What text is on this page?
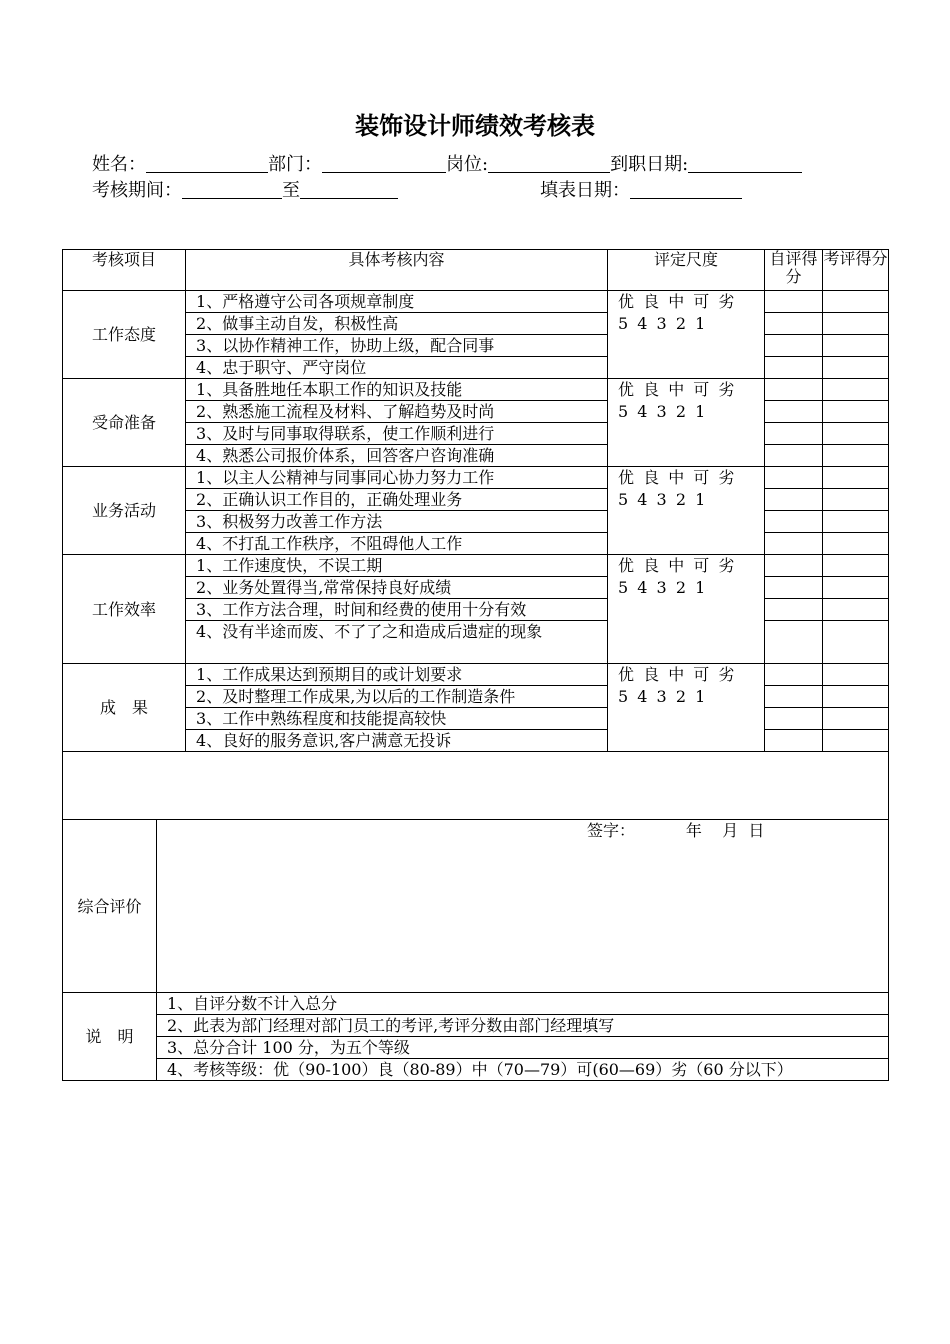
装饰设计师绩效考核表
姓名：	部门：	岗位:	到职日期:
考核期间：	至	填表日期：
考核项目		具体考核内容	评定尺度	自评得分	考评得分
工作态度		1、严格遵守公司各项规章制度	优 良 中 可 劣
5 4 3 2 1		

		2、做事主动自发，积极性高			
		3、以协作精神工作，协助上级，配合同事			
		4、忠于职守、严守岗位			
受命准备		1、具备胜地任本职工作的知识及技能	优 良 中 可 劣
5 4 3 2 1		

		2、熟悉施工流程及材料、了解趋势及时尚			
		3、及时与同事取得联系，使工作顺利进行			
		4、熟悉公司报价体系，回答客户咨询准确			
业务活动		1、以主人公精神与同事同心协力努力工作	优 良 中 可 劣
5 4 3 2 1		

		2、正确认识工作目的，正确处理业务			
		3、积极努力改善工作方法			
		4、不打乱工作秩序，不阻碍他人工作			
工作效率		1、工作速度快，不误工期	优 良 中 可 劣
5 4 3 2 1		

		2、业务处置得当,常常保持良好成绩			
		3、工作方法合理，时间和经费的使用十分有效			
		4、没有半途而废、不了了之和造成后遗症的现象			
成　果		1、工作成果达到预期目的或计划要求	优 良 中 可 劣
5 4 3 2 1		

		2、及时整理工作成果,为以后的工作制造条件			
		3、工作中熟练程度和技能提高较快			
		4、良好的服务意识,客户满意无投诉			

综合评价	签字：          年    月  日				

说　明	1、自评分数不计入总分				
	2、此表为部门经理对部门员工的考评,考评分数由部门经理填写				
	3、总分合计 100 分，为五个等级				
	4、考核等级：优（90-100）良（80-89）中（70—79）可(60—69）劣（60 分以下）				
